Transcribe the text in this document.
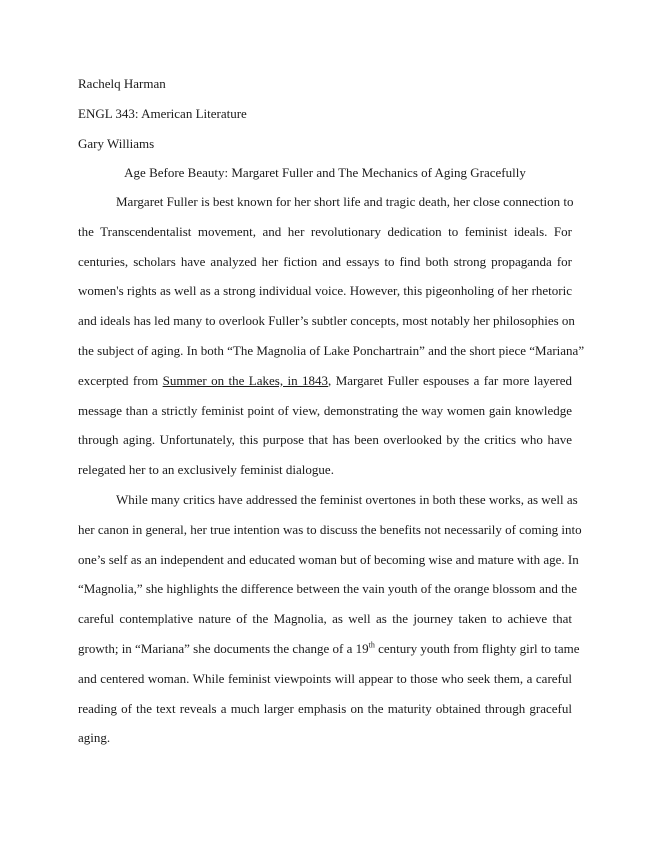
Rachelq Harman
ENGL 343: American Literature
Gary Williams
Age Before Beauty: Margaret Fuller and The Mechanics of Aging Gracefully
Margaret Fuller is best known for her short life and tragic death, her close connection to
the Transcendentalist movement, and her revolutionary dedication to feminist ideals. For
centuries, scholars have analyzed her fiction and essays to find both strong propaganda for
women's rights as well as a strong individual voice. However, this pigeonholing of her rhetoric
and ideals has led many to overlook Fuller’s subtler concepts, most notably her philosophies on
the subject of aging. In both “The Magnolia of Lake Ponchartrain” and the short piece “Mariana”
excerpted from Summer on the Lakes, in 1843, Margaret Fuller espouses a far more layered
message than a strictly feminist point of view, demonstrating the way women gain knowledge
through aging. Unfortunately, this purpose that has been overlooked by the critics who have
relegated her to an exclusively feminist dialogue.
While many critics have addressed the feminist overtones in both these works, as well as
her canon in general, her true intention was to discuss the benefits not necessarily of coming into
one’s self as an independent and educated woman but of becoming wise and mature with age. In
“Magnolia,” she highlights the difference between the vain youth of the orange blossom and the
careful contemplative nature of the Magnolia, as well as the journey taken to achieve that
growth; in “Mariana” she documents the change of a 19th century youth from flighty girl to tame
and centered woman. While feminist viewpoints will appear to those who seek them, a careful
reading of the text reveals a much larger emphasis on the maturity obtained through graceful
aging.
